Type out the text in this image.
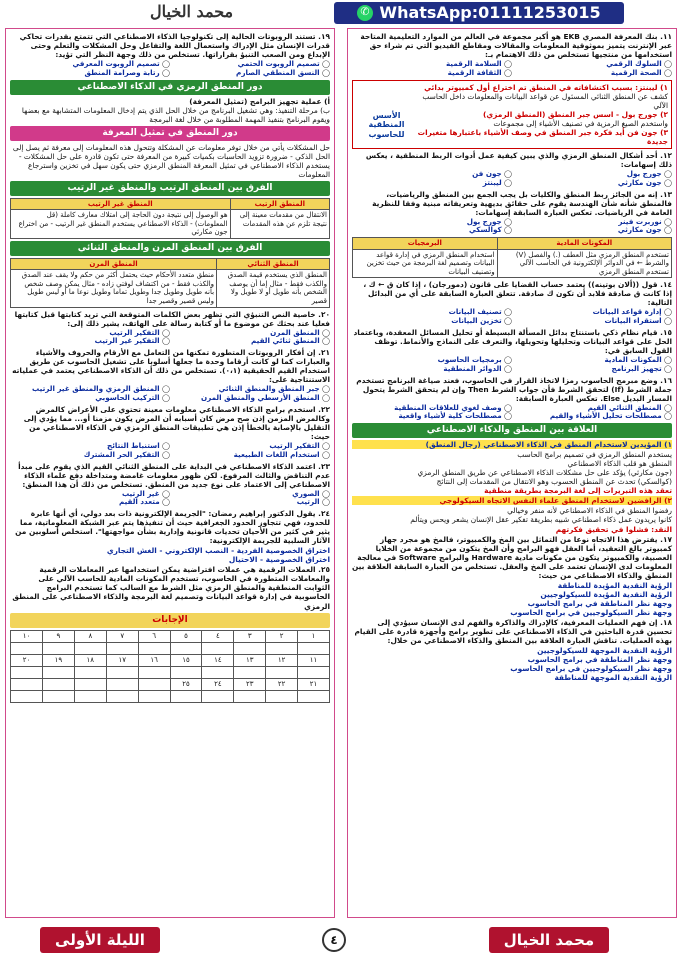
محمد الخيال ✆	WhatsApp:01111253015
١١. بنك المعرفة المصري EKB هو أكبر مجموعة في العالم من الموارد التعليمية المتاحة عبر الإنترنت يتميز بموثوقية المعلومات والمقالات ومقاطع الفيديو التي تم شراء حق استخدامها من منتجيها تستخلص من ذلك الاهتمام بـ:
◯ السلوك الرقمي
◯ السلامة الرقمية
◯ الصحة الرقمية
◯ الثقافة الرقمية
الأسس المنطقية للحاسوب
١) ليبنتز: بسبب اكتشافاته في المنطق تم اختراع أول كمبيوتر بدائي
كشف عن المنطق الثنائي المسئول عن قواعد البيانات والمعلومات داخل الحاسب الآلي
٢) جورج بول - اسس جبر المنطق (المنطق الرمزي)
واستخدم الصيغ الرمزية في تصنيف الأشياء إلى مجموعات
٣) جون فن أيد فكرة جبر المنطق في وصف الأشياء باعتبارها متغيرات جديدة
١٢. أحد أشكال المنطق الرمزي والذي يبين كيفية عمل أدوات الربط المنطقية ، يعكس ذلك إسهامات:
◯ جورج بول
◯ جون فن
◯ جون مكارثي
◯ ليبنتز
١٣. إنه من الجائز ربط المنطق والكليات بل يجب الجمع بين المنطق والرياضيات، فالمنطق شأنه شأن الهندسة يقوم على حقائق بديهية وتعريفاته مبنية وفقا للنظرية العامة في الرياضيات. تعكس العبارة السابقة إسهامات:
◯ نوربرت فينر
◯ جورج بول
◯ جون مكارثي
◯ كوالسكي
المكونات المادية	البرمجيات
تستخدم المنطق الرمزي مثل العطف (.) والفصل (V) والشرط ← في الدوائر الإلكترونية في الحاسب الآلي تستخدم المنطق الرمزي	استخدام المنطق الرمزي في إدارة قواعد البيانات وتصميم لغة البرمجة من حيث تخزين وتصنيف البيانات
١٤. قول ((ألان بوتينه)) يعتمد حساب القضايا على قانون (دمورجان) ، إذا كان ق ← ك ، إذا كانت ق صادقة فلابد أن تكون ك صادقة. تتعلق العبارة السابقة على أي من البدائل التالية:
◯ إدارة قواعد البيانات
◯ تصنيف البيانات
◯ استقراء البيانات
◯ تخزين البيانات
١٥. قيام نظام ذكي باستنتاج بدائل المسألة البسيطة أو تحليل المسائل المعقدة، وباعتماد الحل على قواعد البيانات وتحليلها وتحويلها، والتعرف على النماذج والأنماط. توظف القول السابق في:
◯ المكونات المادية
◯ برمجيات الحاسوب
◯ تجهيز البرنامج
◯ الدوائر المنطقية
١٦. وضع مبرمج الحاسوب رمزا لاتخاذ القرار في الحاسوب، فعند صياغة البرنامج تستخدم جملة الشرط (If) لتحقق الشرط فأن جواب الشرط Then وإن لم يتحقق الشرط يتحول المسار البديل Else. تعكس العبارة السابقة:
◯ المنطق الثنائي القيم
◯ وصف لغوي للعلاقات المنطقية
◯ مصطلحات تحليل الأشياء والقيم
◯ مصطلحات كلية لأشياء واقعية
العلاقة بين المنطق والذكاء الاصطناعي
١) المؤيدين لاستخدام المنطق في الذكاء الاصطناعي (رجال المنطق)
يستخدم المنطق الرمزي في تصميم برامج الحاسب
المنطق هو قلب الذكاء الاصطناعي
(جون مكارثي) يؤكد على حل مشكلات الذكاء الاصطناعي عن طريق المنطق الرمزي
(كوالسكي) تحدث عن المنطق الحسوب وهو الانتقال من المقدمات إلى النتائج
تعقد هذه التبريرات إلى لغة البرمجة بطريقة منطقية
٢) الرافضين لاستخدام المنطق علماء النفس الاتجاه السيكولوجي
رفضوا المنطق في الذكاء الاصطناعي لأنه منفر وخيالي
كانوا يريدون عمل ذكاء اصطناعي شبيه بطريقة تفكير عقل الإنسان يشعر ويحس ويتألم
النقد: فشلوا في تحقيق فكرتهم
١٧. يفترض هذا الاتجاه نوعا من التماثل بين المخ والكمبيوتر، فالمخ هو مجرد جهاز كمبيوتر بالغ التعقيد، أما العقل فهو البرامج وأن المخ يتكون من مجموعة من الخلايا العصبية، والكمبيوتر يتكون من مكونات مادية Hardware والبرامج Software في معالجة المعلومات لدى الإنسان تعتمد على المخ والعقل. تستخلص من العبارة السابقة العلاقة بين المنطق والذكاء الاصطناعي من حيث:
الرؤية النقدية المؤيدة للمناطقة
الرؤية النقدية المؤيدة للسيكولوجيين
وجهة نظر المناطقة في برامج الحاسوب
وجهة نظر السيكولوجيين في برامج الحاسوب
١٨. إن فهم العمليات المعرفية، كالإدراك والذاكرة والفهم لدى الإنسان سيؤدي إلى تحسين قدرة الباحثين في الذكاء الاصطناعي على تطوير برامج وأجهزة قادرة على القيام بهذه العمليات. تناقش العبارة العلاقة بين المنطق والذكاء الاصطناعي من خلال:
الرؤية النقدية الموجهة للسيكولوجيين
وجهة نظر المناطقة في برامج الحاسوب
وجهة نظر السيكولوجيين في برامج الحاسوب
الرؤية النقدية الموجهة للمناطقة
١٩. تستند الروبوتات الحالية إلى تكنولوجيا الذكاء الاصطناعي التي تتمتع بقدرات تحاكي قدرات الإنسان مثل الإدراك واستعمال اللغة والتفاعل وحل المشكلات والتعلم وحتى الإبداع ومن الصعب التنبؤ بقراراتها. تستخلص من ذلك وجهة النظر التي تؤيد:
◯ تصميم الروبوت الحتمي
◯ تصميم الروبوت المعرفي
◯ النسق المنطقي الصارم
◯ رتابة وصرامة المنطق
دور المنطق الرمزي في الذكاء الاصطناعي
أ) عملية تجهيز البرامج (تمثيل المعرفة)
ب) مرحلة التنفيذ: وهي تشغيل البرنامج من خلال الحل الذي يتم إدخال المعلومات المتشابهة مع بعضها ويقوم البرنامج بتنفيذ المهمة المطلوبة من خلال لغة البرمجة
دور المنطق في تمثيل المعرفة
حل المشكلات يأتي من خلال توفر معلومات عن المشكلة وتتحول هذه المعلومات إلى معرفة ثم يصل إلى الحل الذكي - ضرورة تزويد الحاسبات بكميات كبيرة من المعرفة حتى تكون قادرة على حل المشكلات - يستخدم الذكاء الاصطناعي في تمثيل المعرفة المنطق الرمزي حتى يكون سهل في تخزين واسترجاع المعلومات
الفرق بين المنطق الرتيب والمنطق غير الرتيب
المنطق الرتيب	المنطق غير الرتيب
الانتقال من مقدمات معينة إلى نتيجة تلزم عن هذه المقدمات	هو الوصول إلى نتيجة دون الحاجة إلى امتلاك معارف كاملة (قل المعلومات) - الذكاء الاصطناعي يستخدم المنطق غير الرتيب - من اختراع جون مكارثي
الفرق بين المنطق المرن والمنطق الثنائي
المنطق الثنائي	المنطق المرن
المنطق الذي يستخدم قيمة الصدق والكذب فقط - مثال إما أن يوصف الشخص بأنه طويل أو لا طويل ولا قصير	منطق متعدد الأحكام حيث يحتمل أكثر من حكم ولا يقف عند الصدق والكذب فقط - من اكتشاف لوفتي زاده - مثال يمكن وصف شخص بأنه طويل وطويل جدا وطويل تماما وطويل نوعا ما أو ليس طويل وليس قصير وقصير جدا
٢٠. خاصية النص التنبؤي التي تظهر بعض الكلمات المتوقعة التي تريد كتابتها قبل كتابتها فعليا عند بحثك عن موضوع ما أو كتابة رسالة على الهاتف، يشير ذلك إلى:
◯ المنطق المرن
◯ التفكير الرتيب
◯ المنطق ثنائي القيم
◯ التفكير غير الرتيب
٢١. إن أفكار الروبوتات المتطورة تمكنها من التعامل مع الأرقام والحروف والأشياء والعبارات كما لو كانت أرقاما وحدة ما جعلها أسلوبا على تشغيل الحاسوب عن طريق استخدام القيم الحقيقية (٠،١). تستخلص من ذلك أن الذكاء الاصطناعي يعتمد في عملياته الاستنتاجية على:
◯ جبر المنطق والمنطق الثنائي
◯ المنطق الرمزي والمنطق غير الرتيب
◯ المنطق الأرسطي والمنطق المرن
◯ التركيب الحاسوبي
٢٢. استخدم برامج الذكاء الاصطناعي معلومات معينة تحتوي على الأعراض كالمرض وكالمرض المزمن إذن صح مرض كان أسبابه أن المرض يكون مزمنا أو... مما يؤدي إلى التقليل بالإصابة بالخطأ إذن هي تطبيقات المنطق الرمزي في الذكاء الاصطناعي من حيث:
◯ التفكير الرتيب
◯ استنباط النتائج
◯ استخدام اللغات الطبيعية
◯ التفكير الحر المشترك
٢٣. اعتمد الذكاء الاصطناعي في البداية على المنطق الثنائي القيم الذي يقوم على مبدأ عدم التناقض والثالث المرفوع. لكن ظهور معلومات غامضة ومتداخلة دفع علماء الذكاء الاصطناعي إلى الاعتماد على نوع جديد من المنطق. تستخلص من ذلك أن هذا المنطق:
◯ الصوري
◯ غير الرتيب
◯ الرتيب
◯ متعدد القيم
٢٤. يقول الدكتور إبراهيم رمضان: "الجريمة الإلكترونية ذات بعد دولي، أي أنها عابرة للحدود، فهي تتجاوز الحدود الجغرافية حيث أن تنفيذها يتم عبر الشبكة المعلوماتية، مما يثير في كثير من الأحيان تحديات قانونية وإدارية بشأن مواجهتها". استخلص أسلوبين من الآثار السلبية للجريمة الإلكترونية:
اختراق الخصوصية الفردية - النصب الإلكتروني - الغش التجاري
اختراق الخصوصية - الاحتيال
٢٥. العملات الرقمية هي عملات افتراضية يمكن استخدامها عبر المعاملات الرقمية والمعاملات المتطورة في الحاسوب، تستخدم المكونات المادية للحاسب الآلي على الثوابت المنطقية والمنطق الرمزي مثل الشرط مع السالب كما تستخدم البرامج الحاسوبية في إدارة قواعد البيانات وتصميم لغة البرمجة والذكاء الاصطناعي على المنطق الرمزي
الإجابات
١	٢	٣	٤	٥	٦	٧	٨	٩	١٠

١١	١٢	١٣	١٤	١٥	١٦	١٧	١٨	١٩	٢٠

٢١	٢٢	٢٣	٢٤	٢٥					

محمد الخيال
٤
الليلة الأولى
